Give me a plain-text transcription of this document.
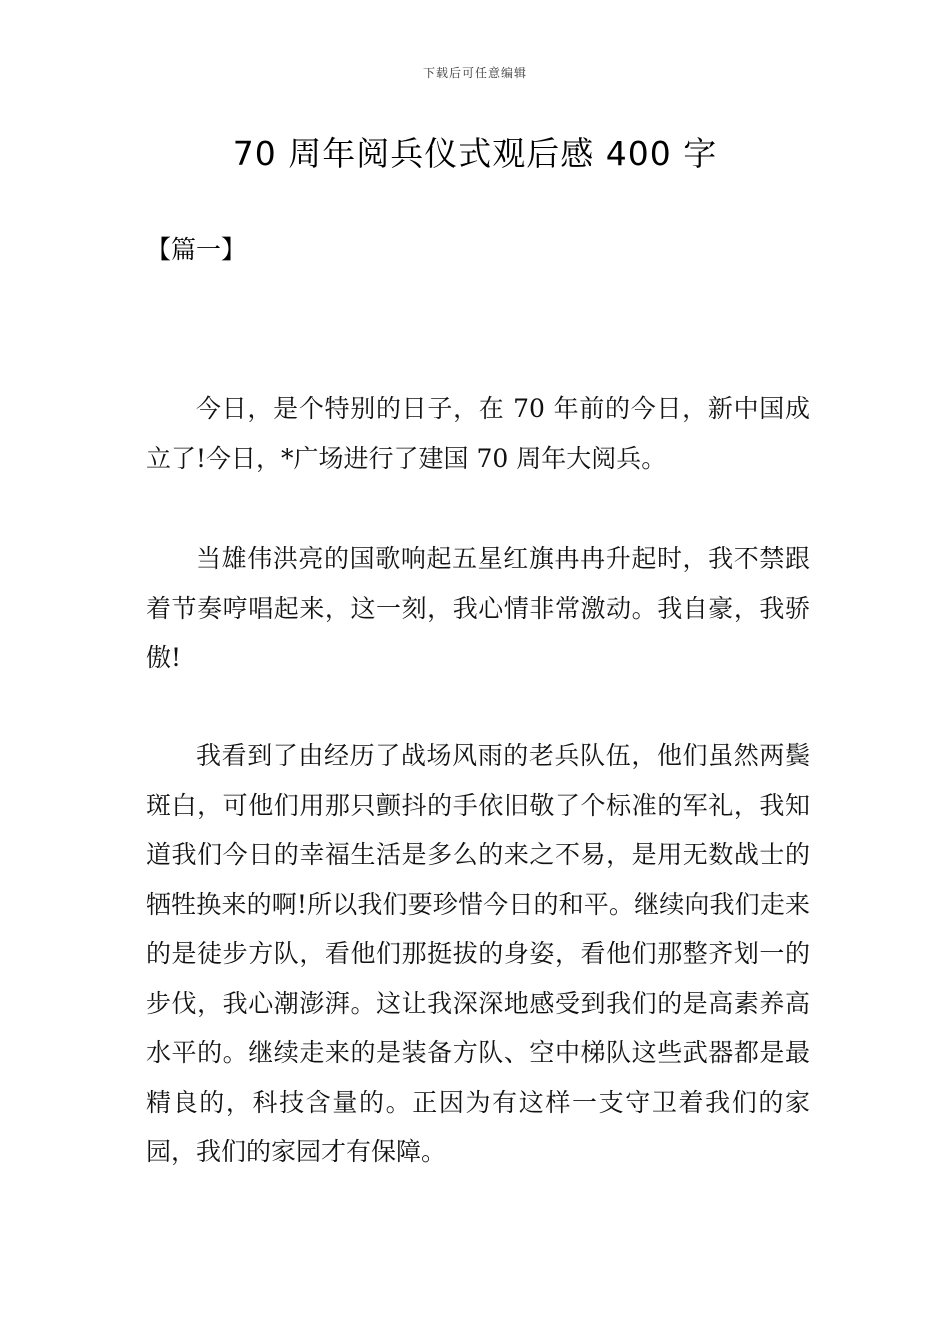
下载后可任意编辑
70 周年阅兵仪式观后感 400 字
【篇一】

今日，是个特别的日子，在 70 年前的今日，新中国成立了!今日，*广场进行了建国 70 周年大阅兵。

当雄伟洪亮的国歌响起五星红旗冉冉升起时，我不禁跟着节奏哼唱起来，这一刻，我心情非常激动。我自豪，我骄傲!

我看到了由经历了战场风雨的老兵队伍，他们虽然两鬓斑白，可他们用那只颤抖的手依旧敬了个标准的军礼，我知道我们今日的幸福生活是多么的来之不易，是用无数战士的牺牲换来的啊!所以我们要珍惜今日的和平。继续向我们走来的是徒步方队，看他们那挺拔的身姿，看他们那整齐划一的步伐，我心潮澎湃。这让我深深地感受到我们的是高素养高水平的。继续走来的是装备方队、空中梯队这些武器都是最精良的，科技含量的。正因为有这样一支守卫着我们的家园，我们的家园才有保障。
